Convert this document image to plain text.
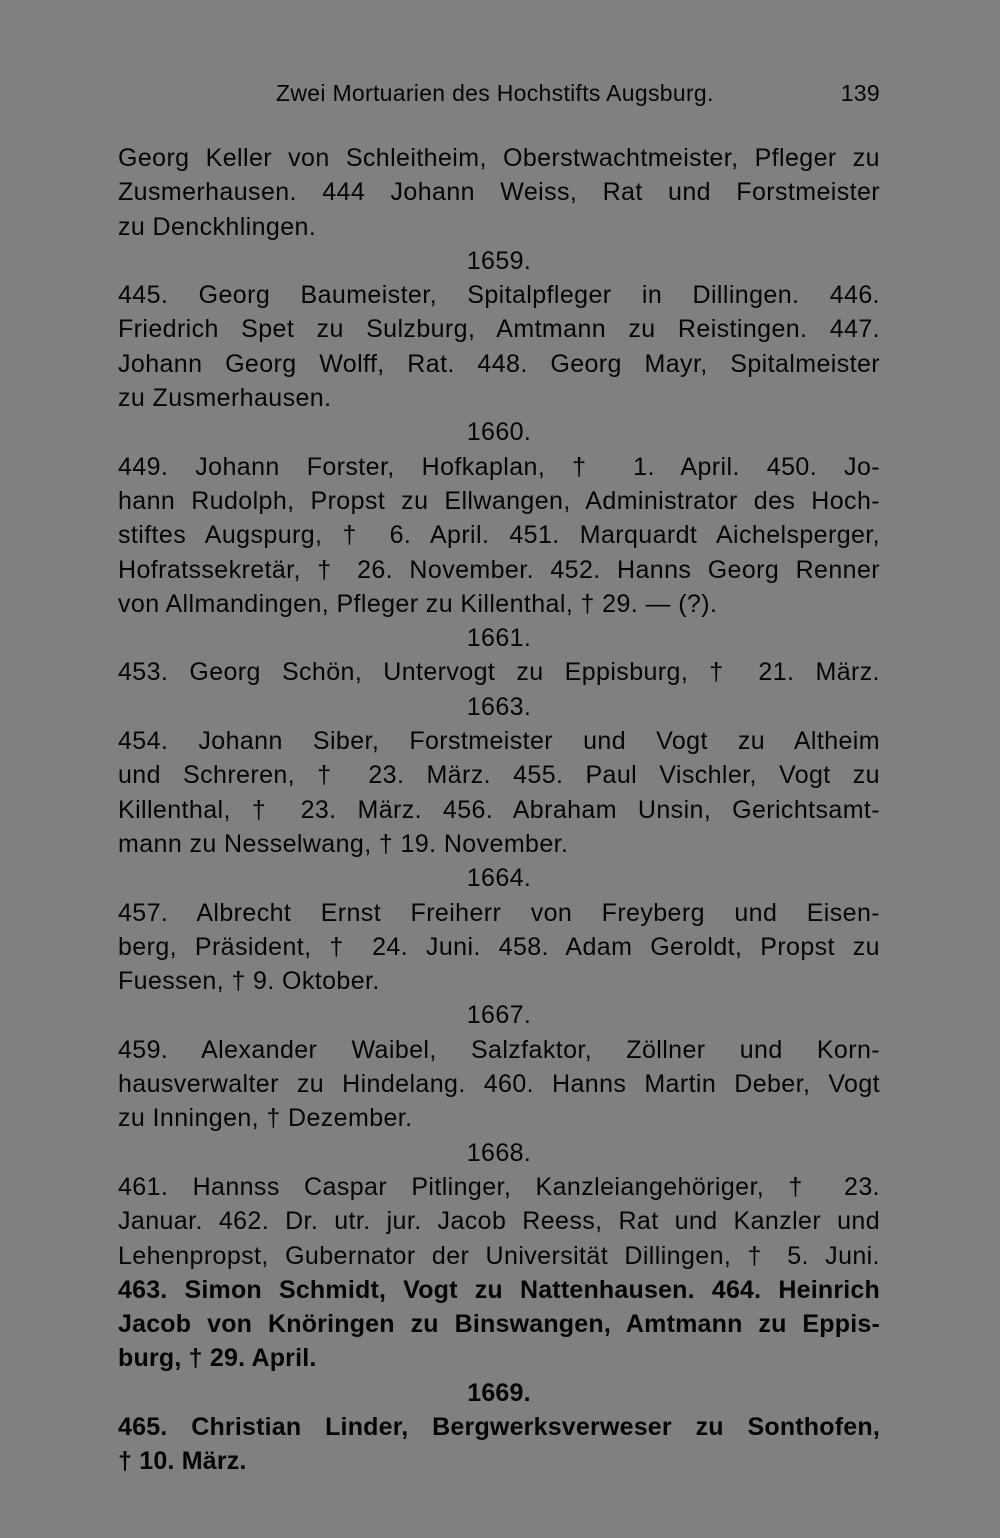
Zwei Mortuarien des Hochstifts Augsburg.	139
Georg Keller von Schleitheim, Oberstwachtmeister, Pfleger zu
Zusmerhausen. 444 Johann Weiss, Rat und Forstmeister
zu Denckhlingen.
1659.
445. Georg Baumeister, Spitalpfleger in Dillingen. 446.
Friedrich Spet zu Sulzburg, Amtmann zu Reistingen. 447.
Johann Georg Wolff, Rat. 448. Georg Mayr, Spitalmeister
zu Zusmerhausen.
1660.
449. Johann Forster, Hofkaplan, † 1. April. 450. Jo-
hann Rudolph, Propst zu Ellwangen, Administrator des Hoch-
stiftes Augspurg, † 6. April. 451. Marquardt Aichelsperger,
Hofratssekretär, † 26. November. 452. Hanns Georg Renner
von Allmandingen, Pfleger zu Killenthal, † 29. — (?).
1661.
453. Georg Schön, Untervogt zu Eppisburg, † 21. März.
1663.
454. Johann Siber, Forstmeister und Vogt zu Altheim
und Schreren, † 23. März. 455. Paul Vischler, Vogt zu
Killenthal, † 23. März. 456. Abraham Unsin, Gerichtsamt-
mann zu Nesselwang, † 19. November.
1664.
457. Albrecht Ernst Freiherr von Freyberg und Eisen-
berg, Präsident, † 24. Juni. 458. Adam Geroldt, Propst zu
Fuessen, † 9. Oktober.
1667.
459. Alexander Waibel, Salzfaktor, Zöllner und Korn-
hausverwalter zu Hindelang. 460. Hanns Martin Deber, Vogt
zu Inningen, † Dezember.
1668.
461. Hannss Caspar Pitlinger, Kanzleiangehöriger, † 23.
Januar. 462. Dr. utr. jur. Jacob Reess, Rat und Kanzler und
Lehenpropst, Gubernator der Universität Dillingen, † 5. Juni.
463. Simon Schmidt, Vogt zu Nattenhausen. 464. Heinrich
Jacob von Knöringen zu Binswangen, Amtmann zu Eppis-
burg, † 29. April.
1669.
465. Christian Linder, Bergwerksverweser zu Sonthofen,
† 10. März.
